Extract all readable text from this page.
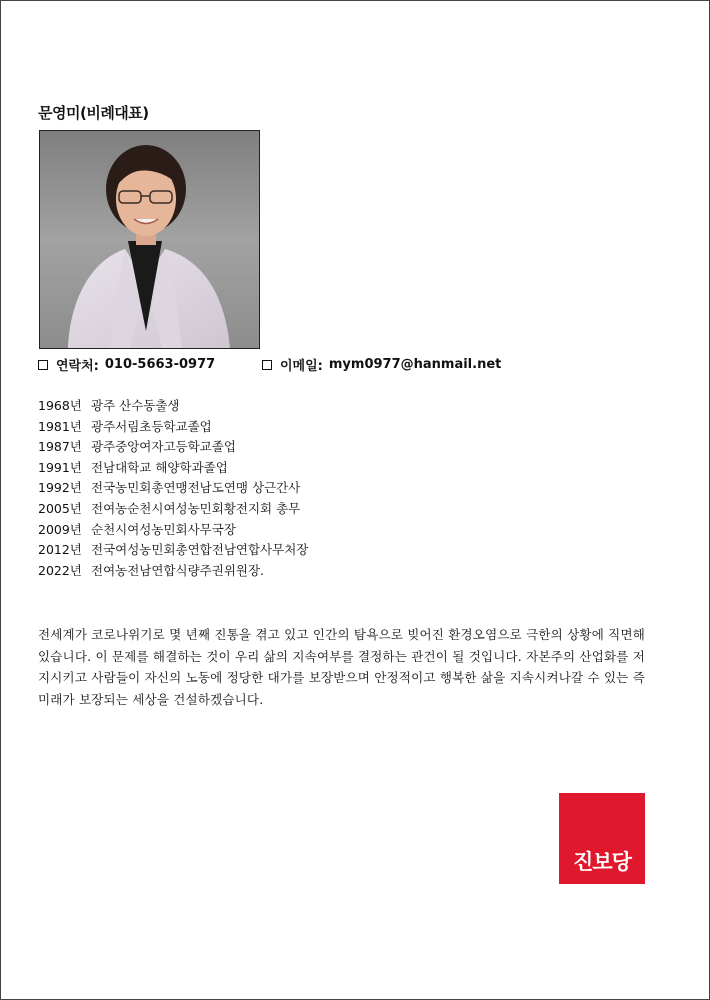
문영미(비례대표)
연락처: 010-5663-0977	이메일: mym0977@hanmail.net
1968년 광주 산수동출생
1981년 광주서림초등학교졸업
1987년 광주중앙여자고등학교졸업
1991년 전남대학교 해양학과졸업
1992년 전국농민회총연맹전남도연맹 상근간사
2005년 전여농순천시여성농민회황전지회 총무
2009년 순천시여성농민회사무국장
2012년 전국여성농민회총연합전남연합사무처장
2022년 전여농전남연합식량주권위원장.

전세계가 코로나위기로 몇 년째 진통을 겪고 있고 인간의 탐욕으로 빚어진 환경오염으로 극한의 상황에 직면해 있습니다. 이 문제를 해결하는 것이 우리 삶의 지속여부를 결정하는 관건이 될 것입니다. 자본주의 산업화를 저지시키고 사람들이 자신의 노동에 정당한 대가를 보장받으며 안정적이고 행복한 삶을 지속시켜나갈 수 있는 즉 미래가 보장되는 세상을 건설하겠습니다.

진보당
